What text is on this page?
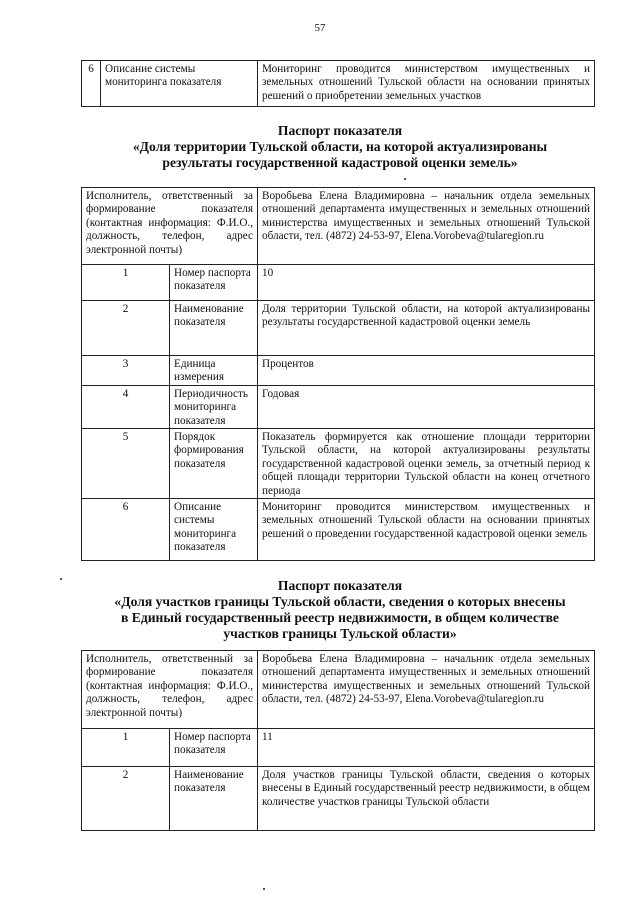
57
6	Описание системы мониторинга показателя	Мониторинг проводится министерством имущественных и земельных отношений Тульской области на основании принятых решений о приобретении земельных участков
Паспорт показателя
«Доля территории Тульской области, на которой актуализированы
результаты государственной кадастровой оценки земель»
Исполнитель, ответственный за формирование показателя (контактная информация: Ф.И.О., должность, телефон, адрес электронной почты)		Воробьева Елена Владимировна – начальник отдела земельных отношений департамента имущественных и земельных отношений министерства имущественных и земельных отношений Тульской области, тел. (4872) 24-53-97, Elena.Vorobeva@tularegion.ru
1	Номер паспорта показателя	10
2	Наименование показателя	Доля территории Тульской области, на которой актуализированы результаты государственной кадастровой оценки земель
3	Единица измерения	Процентов
4	Периодичность мониторинга показателя	Годовая
5	Порядок формирования показателя	Показатель формируется как отношение площади территории Тульской области, на которой актуализированы результаты государственной кадастровой оценки земель, за отчетный период к общей площади территории Тульской области на конец отчетного периода
6	Описание системы мониторинга показателя	Мониторинг проводится министерством имущественных и земельных отношений Тульской области на основании принятых решений о проведении государственной кадастровой оценки земель
Паспорт показателя
«Доля участков границы Тульской области, сведения о которых внесены
в Единый государственный реестр недвижимости, в общем количестве
участков границы Тульской области»
Исполнитель, ответственный за формирование показателя (контактная информация: Ф.И.О., должность, телефон, адрес электронной почты)		Воробьева Елена Владимировна – начальник отдела земельных отношений департамента имущественных и земельных отношений министерства имущественных и земельных отношений Тульской области, тел. (4872) 24-53-97, Elena.Vorobeva@tularegion.ru
1	Номер паспорта показателя	11
2	Наименование показателя	Доля участков границы Тульской области, сведения о которых внесены в Единый государственный реестр недвижимости, в общем количестве участков границы Тульской области
